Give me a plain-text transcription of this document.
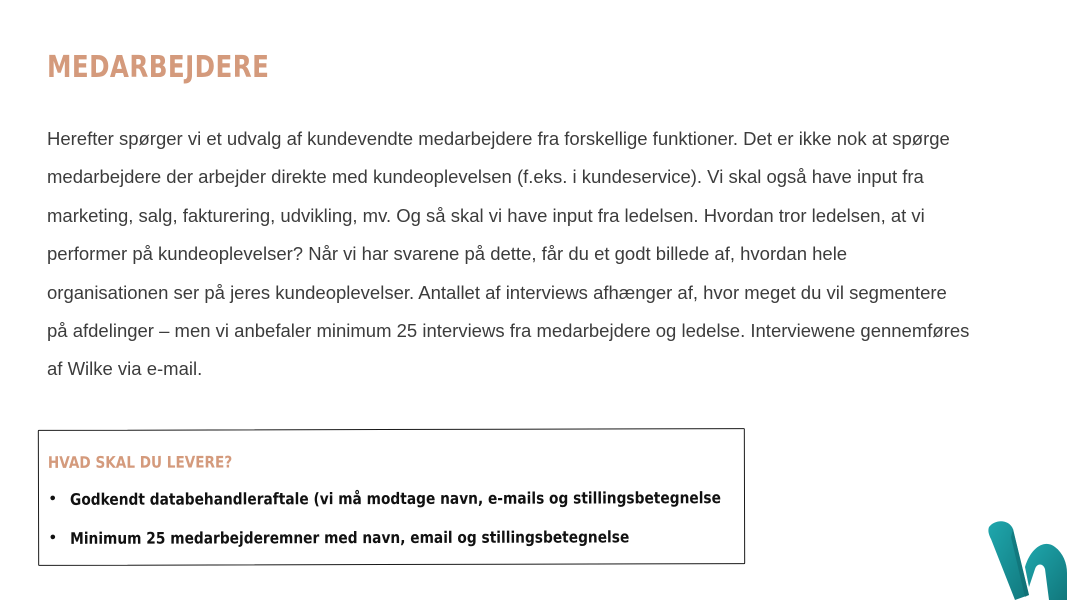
MEDARBEJDERE

Herefter spørger vi et udvalg af kundevendte medarbejdere fra forskellige funktioner. Det er ikke nok at spørge medarbejdere der arbejder direkte med kundeoplevelsen (f.eks. i kundeservice). Vi skal også have input fra marketing, salg, fakturering, udvikling, mv. Og så skal vi have input fra ledelsen. Hvordan tror ledelsen, at vi performer på kundeoplevelser? Når vi har svarene på dette, får du et godt billede af, hvordan hele organisationen ser på jeres kundeoplevelser. Antallet af interviews afhænger af, hvor meget du vil segmentere på afdelinger – men vi anbefaler minimum 25 interviews fra medarbejdere og ledelse. Interviewene gennemføres af Wilke via e-mail.

HVAD SKAL DU LEVERE?
• Godkendt databehandleraftale (vi må modtage navn, e-mails og stillingsbetegnelse
• Minimum 25 medarbejderemner med navn, email og stillingsbetegnelse
